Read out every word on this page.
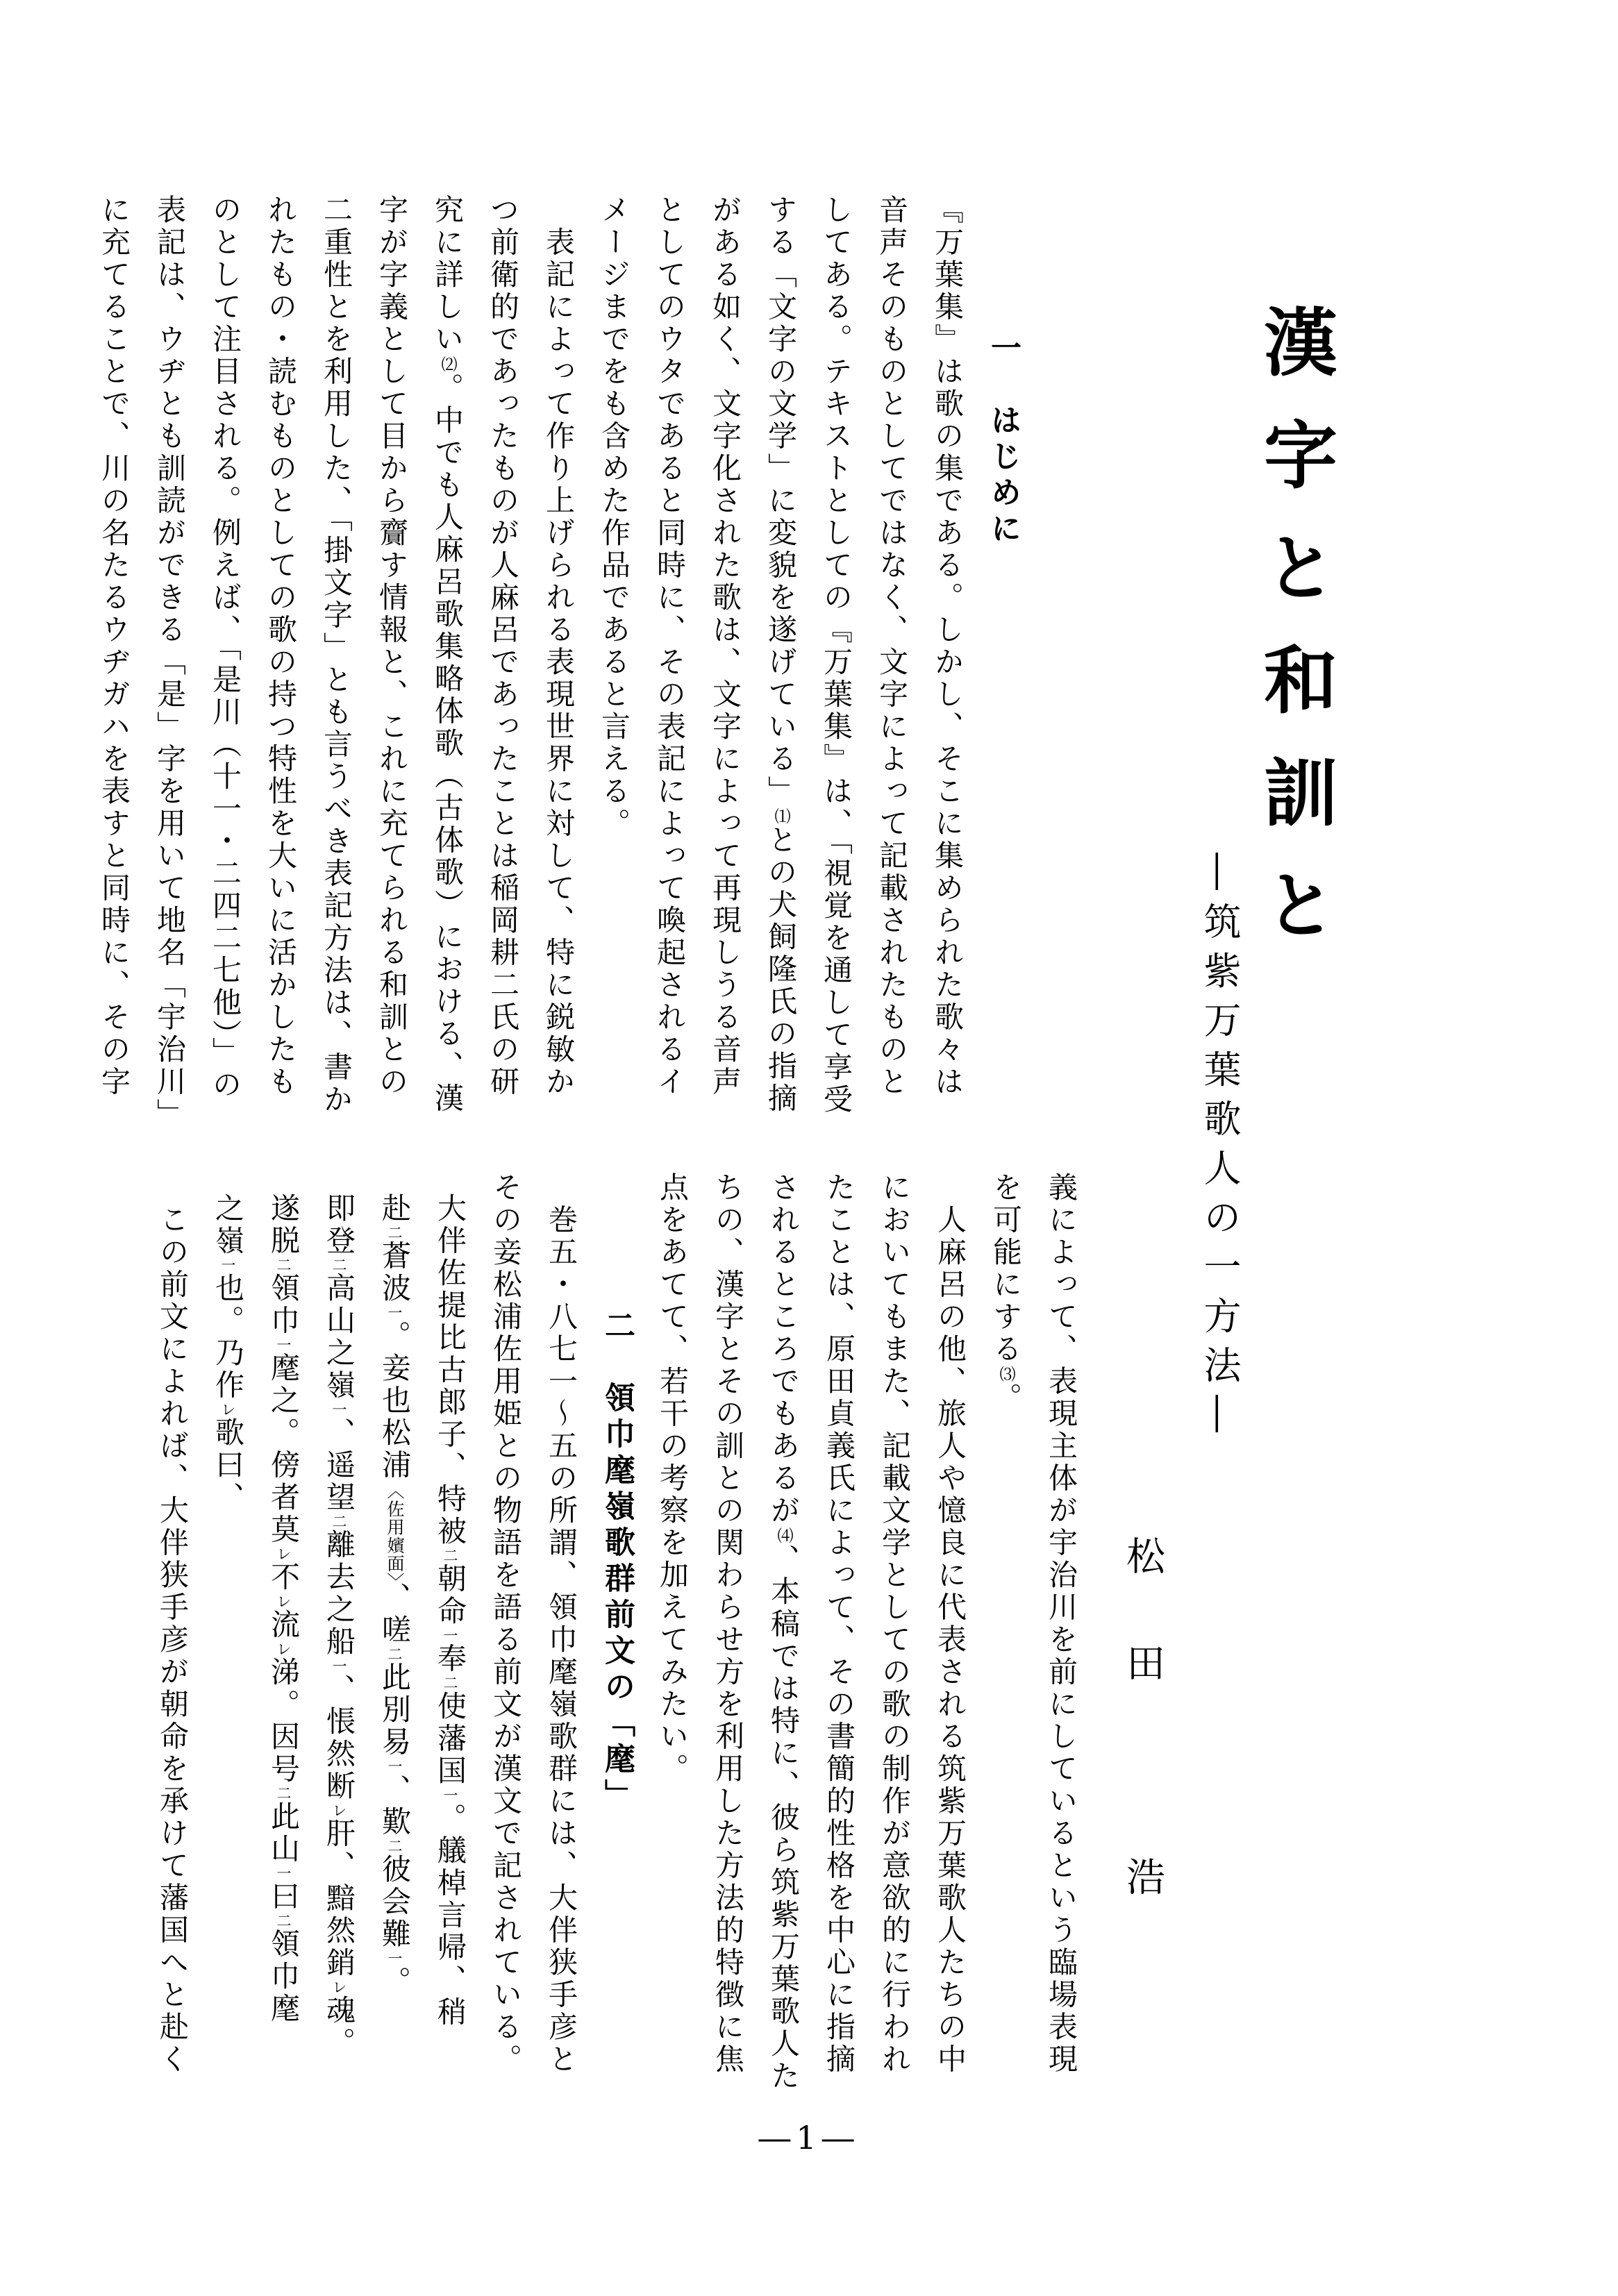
漢字と和訓と
―筑紫万葉歌人の一方法―
松田　浩

一　はじめに

『万葉集』は歌の集である。しかし、そこに集められた歌々は

音声そのものとしてではなく、文字によって記載されたものと

してある。テキストとしての『万葉集』は、「視覚を通して享受

する「文字の文学」に変貌を遂げている」⑴との犬飼隆氏の指摘

がある如く、文字化された歌は、文字によって再現しうる音声

としてのウタであると同時に、その表記によって喚起されるイ

メージまでをも含めた作品であると言える。

　表記によって作り上げられる表現世界に対して、特に鋭敏か

つ前衛的であったものが人麻呂であったことは稲岡耕二氏の研

究に詳しい⑵。中でも人麻呂歌集略体歌（古体歌）における、漢

字が字義として目から齎す情報と、これに充てられる和訓との

二重性とを利用した、「掛文字」とも言うべき表記方法は、書か

れたもの・読むものとしての歌の持つ特性を大いに活かしたも

のとして注目される。例えば、「是川（十一・二四二七他）」の

表記は、ウヂとも訓読ができる「是」字を用いて地名「宇治川」

に充てることで、川の名たるウヂガハを表すと同時に、その字

義によって、表現主体が宇治川を前にしているという臨場表現

を可能にする⑶。

　人麻呂の他、旅人や憶良に代表される筑紫万葉歌人たちの中

においてもまた、記載文学としての歌の制作が意欲的に行われ

たことは、原田貞義氏によって、その書簡的性格を中心に指摘

されるところでもあるが⑷、本稿では特に、彼ら筑紫万葉歌人た

ちの、漢字とその訓との関わらせ方を利用した方法的特徴に焦

点をあてて、若干の考察を加えてみたい。

二　領巾麾嶺歌群前文の「麾」

　巻五・八七一〜五の所謂、領巾麾嶺歌群には、大伴狭手彦と

その妾松浦佐用姫との物語を語る前文が漢文で記されている。

大伴佐提比古郎子、特被二朝命一奉二使藩国一。艤棹言帰、稍

赴二蒼波一。妾也松浦〈佐用嬪面〉、嗟二此別易一、歎二彼会難一。

即登二高山之嶺一、遥望二離去之船一、悵然断レ肝、黯然銷レ魂。

遂脱二領巾一麾之。傍者莫レ不レ流レ涕。因号二此山一曰二領巾麾

之嶺一也。乃作レ歌曰、

　この前文によれば、大伴狭手彦が朝命を承けて藩国へと赴く

―1―
